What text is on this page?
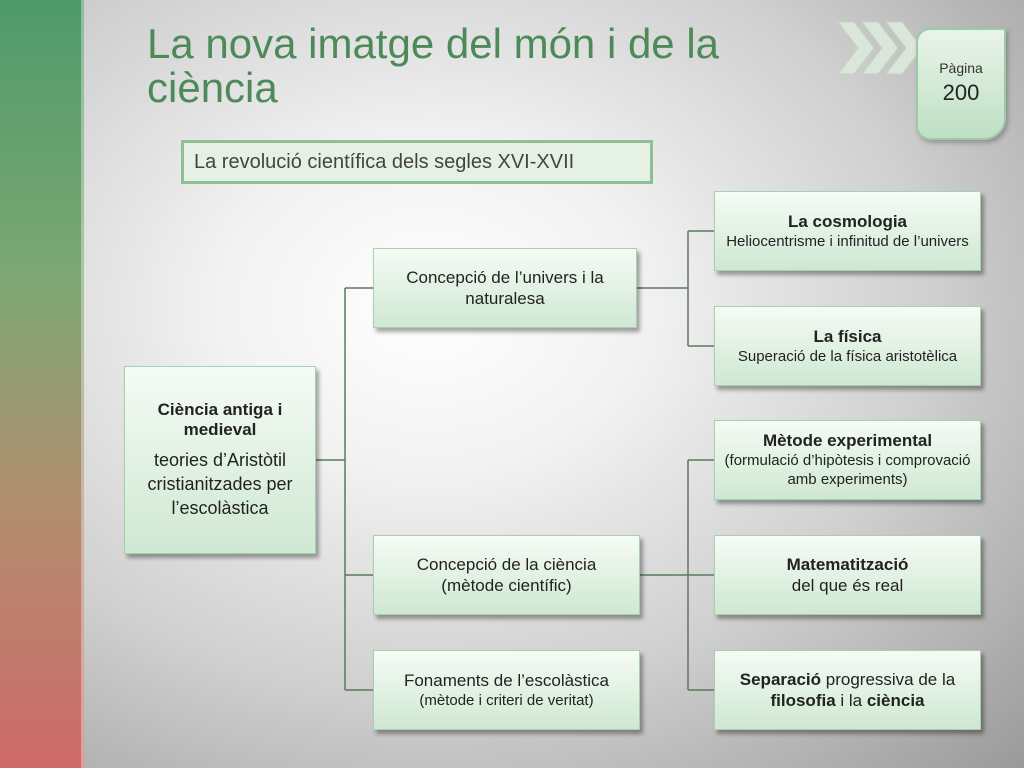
La nova imatge del món i de la ciència	Pàgina
200
La revolució científica dels segles XVI-XVII
Ciència antiga i medieval
teories d’Aristòtil cristianitzades per l’escolàstica
Concepció de l’univers i la naturalesa
Concepció de la ciència
(mètode científic)
Fonaments de l’escolàstica
(mètode i criteri de veritat)
La cosmologia
Heliocentrisme i infinitud de l’univers
La física
Superació de la física aristotèlica
Mètode experimental
(formulació d’hipòtesis i comprovació amb experiments)
Matematització
del que és real
Separació progressiva de la filosofia i la ciència
